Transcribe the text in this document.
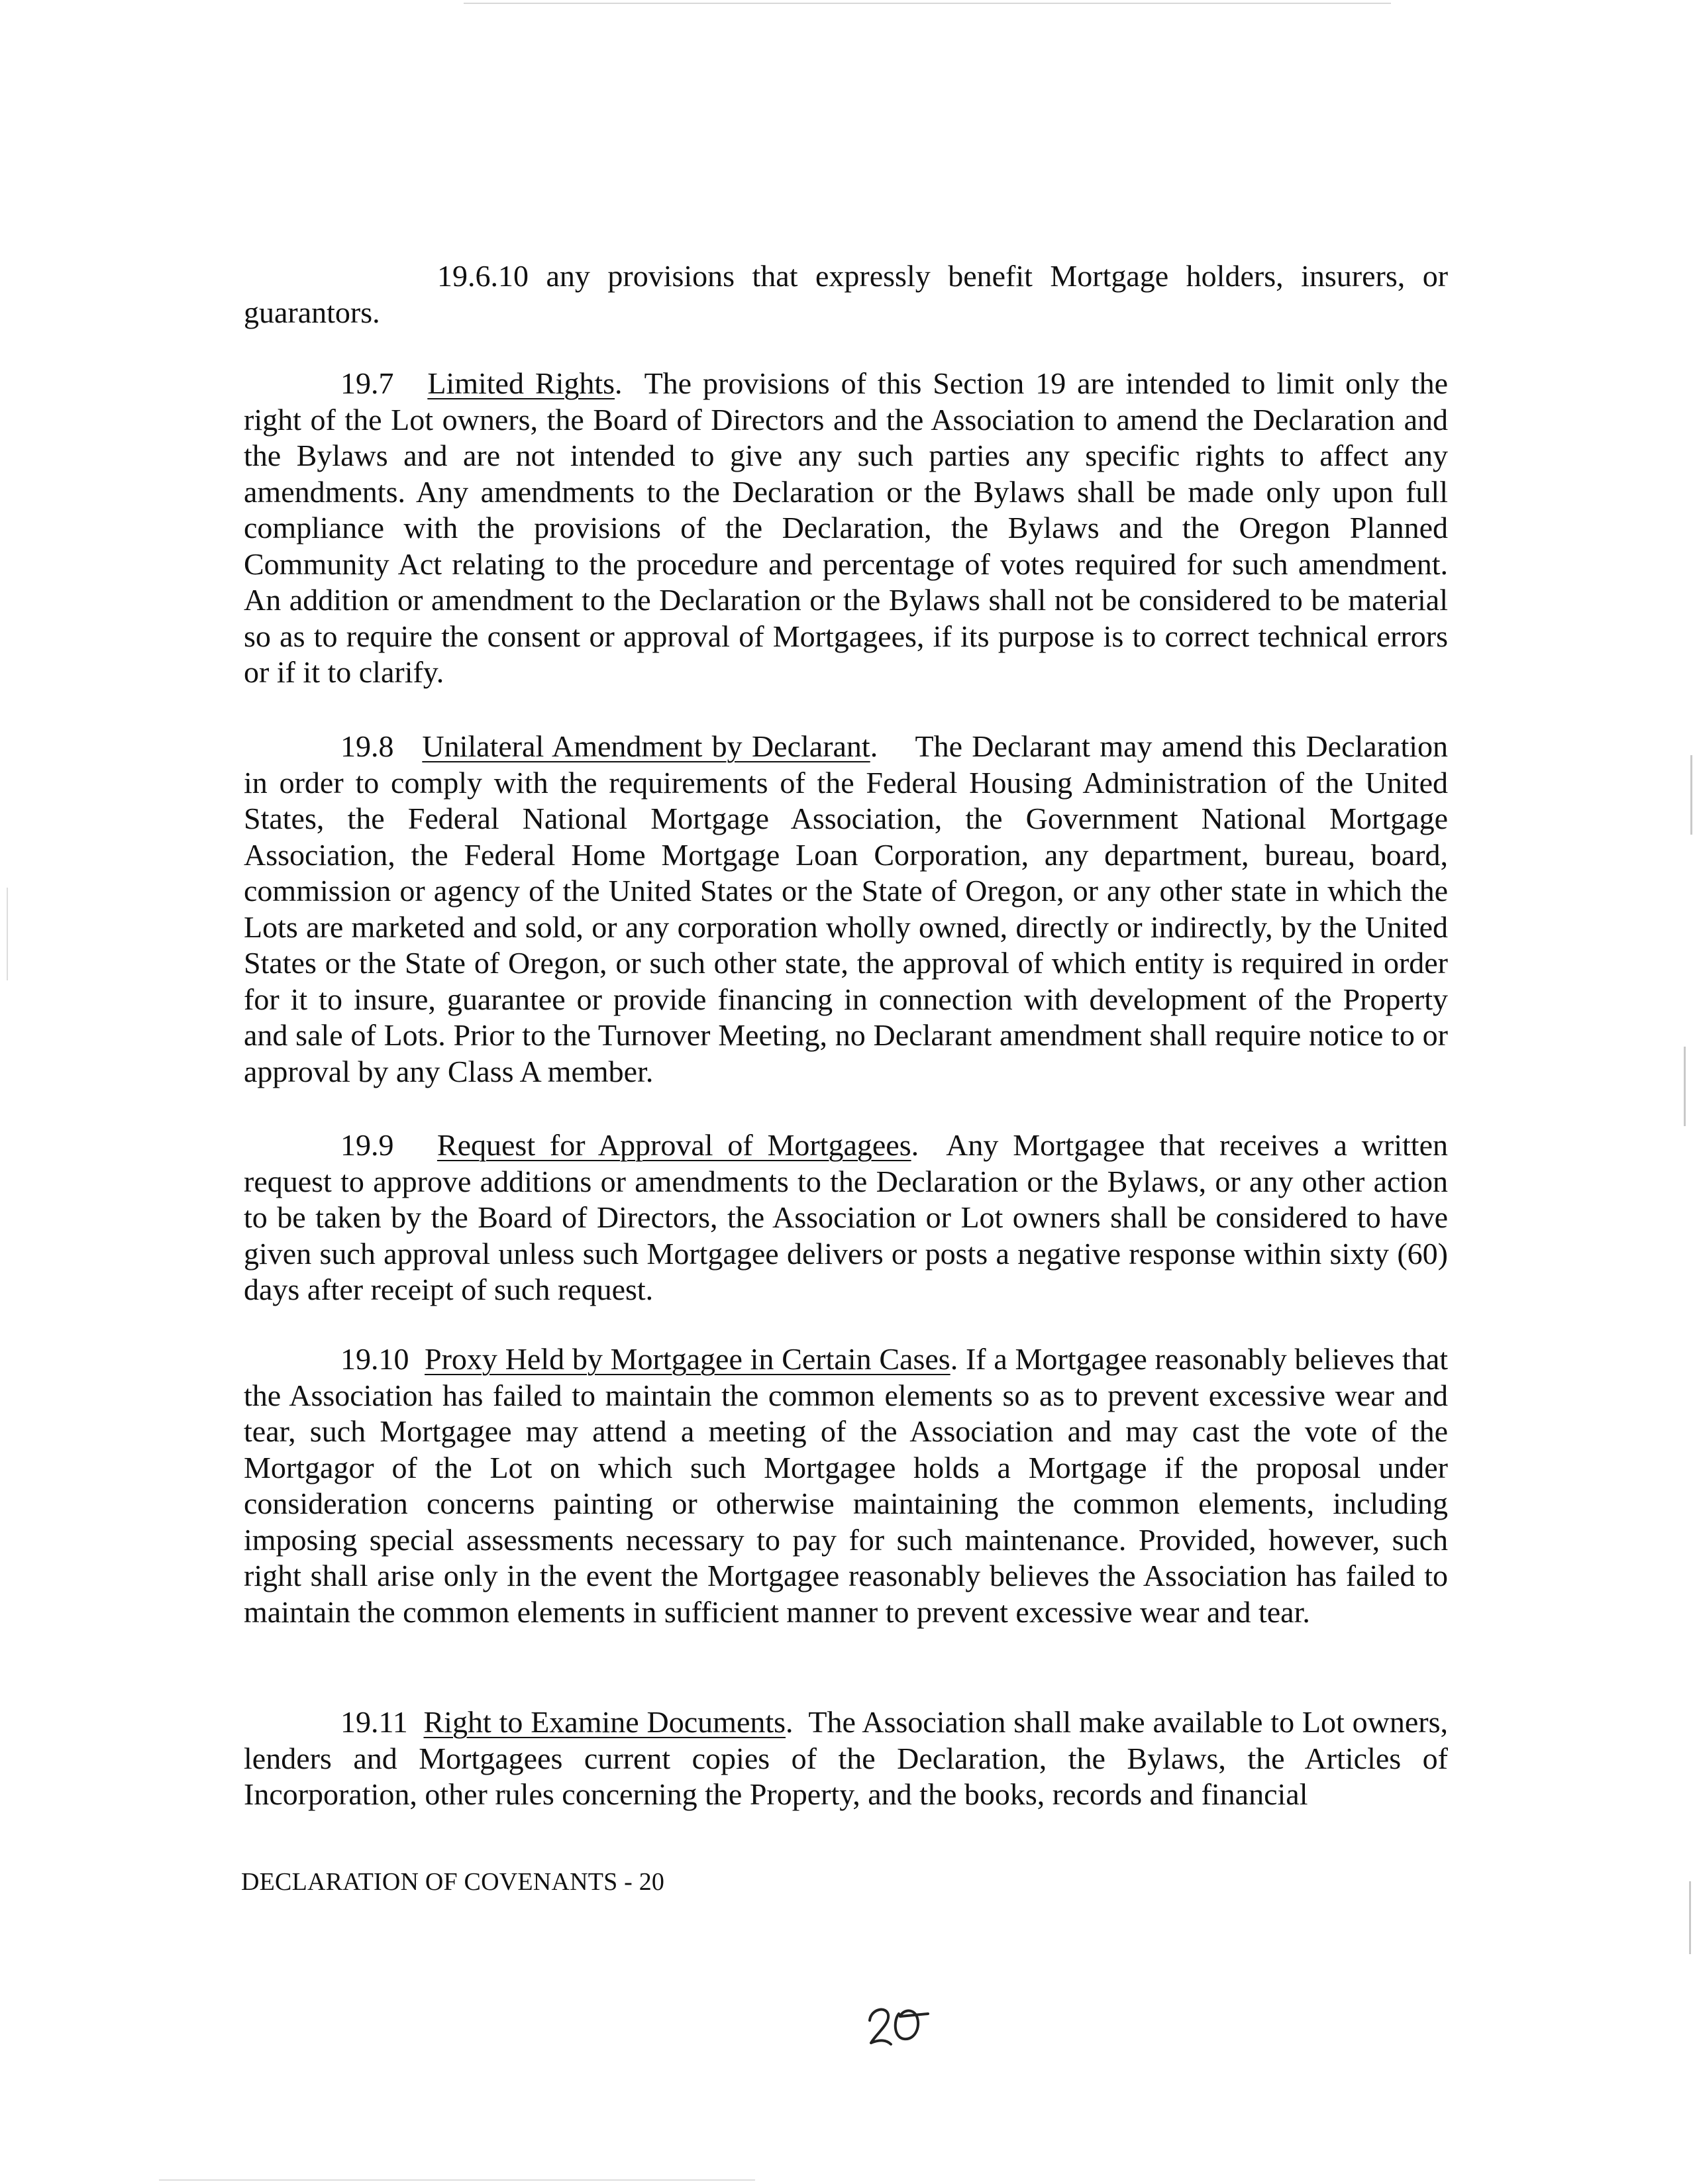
19.6.10 any provisions that expressly benefit Mortgage holders, insurers, or guarantors.

19.7 Limited Rights.  The provisions of this Section 19 are intended to limit only the right of the Lot owners, the Board of Directors and the Association to amend the Declaration and the Bylaws and are not intended to give any such parties any specific rights to affect any amendments. Any amendments to the Declaration or the Bylaws shall be made only upon full compliance with the provisions of the Declaration, the Bylaws and the Oregon Planned Community Act relating to the procedure and percentage of votes required for such amendment. An addition or amendment to the Declaration or the Bylaws shall not be considered to be material so as to require the consent or approval of Mortgagees, if its purpose is to correct technical errors or if it to clarify.

19.8 Unilateral Amendment by Declarant.    The Declarant may amend this Declaration in order to comply with the requirements of the Federal Housing Administration of the United States, the Federal National Mortgage Association, the Government National Mortgage Association, the Federal Home Mortgage Loan Corporation, any department, bureau, board, commission or agency of the United States or the State of Oregon, or any other state in which the Lots are marketed and sold, or any corporation wholly owned, directly or indirectly, by the United States or the State of Oregon, or such other state, the approval of which entity is required in order for it to insure, guarantee or provide financing in connection with development of the Property and sale of Lots. Prior to the Turnover Meeting, no Declarant amendment shall require notice to or approval by any Class A member.

19.9 Request for Approval of Mortgagees.  Any Mortgagee that receives a written request to approve additions or amendments to the Declaration or the Bylaws, or any other action to be taken by the Board of Directors, the Association or Lot owners shall be considered to have given such approval unless such Mortgagee delivers or posts a negative response within sixty (60) days after receipt of such request.

19.10 Proxy Held by Mortgagee in Certain Cases. If a Mortgagee reasonably believes that the Association has failed to maintain the common elements so as to prevent excessive wear and tear, such Mortgagee may attend a meeting of the Association and may cast the vote of the Mortgagor of the Lot on which such Mortgagee holds a Mortgage if the proposal under consideration concerns painting or otherwise maintaining the common elements, including imposing special assessments necessary to pay for such maintenance. Provided, however, such right shall arise only in the event the Mortgagee reasonably believes the Association has failed to maintain the common elements in sufficient manner to prevent excessive wear and tear.

19.11 Right to Examine Documents.  The Association shall make available to Lot owners, lenders and Mortgagees current copies of the Declaration, the Bylaws, the Articles of Incorporation, other rules concerning the Property, and the books, records and financial

DECLARATION OF COVENANTS - 20
